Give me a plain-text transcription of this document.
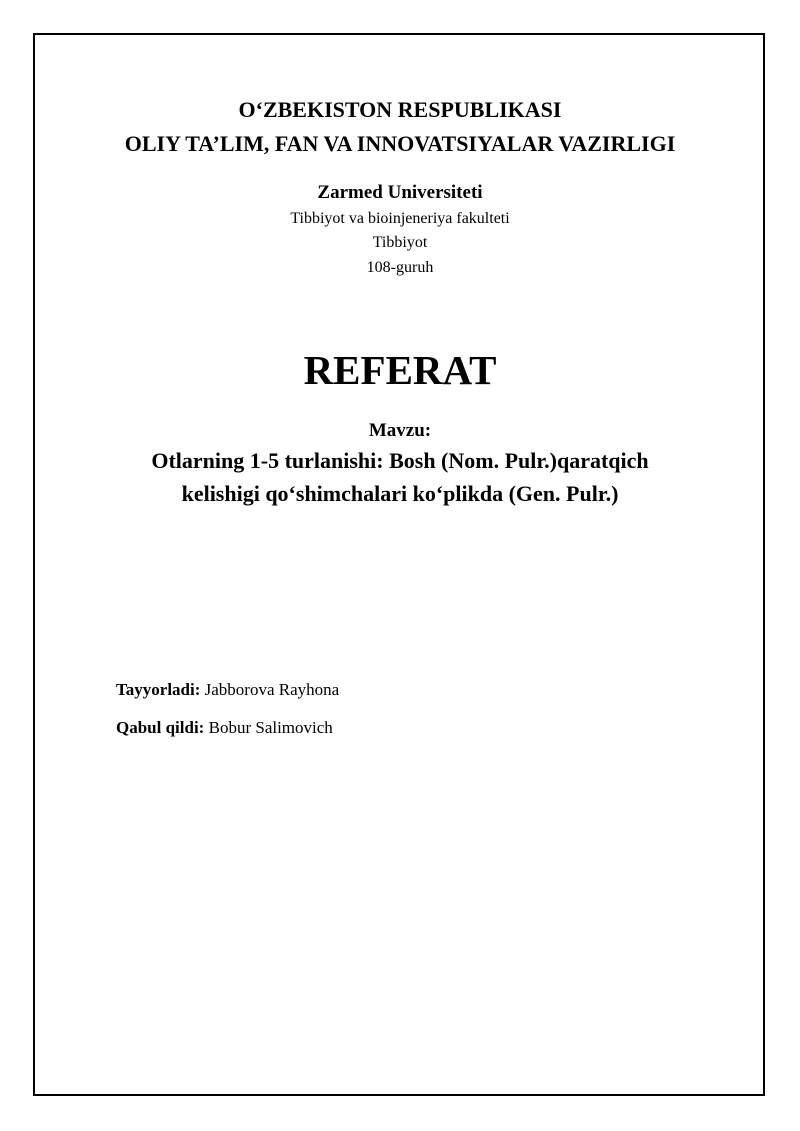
O‘ZBEKISTON RESPUBLIKASI
OLIY TA’LIM, FAN VA INNOVATSIYALAR VAZIRLIGI
Zarmed Universiteti
Tibbiyot va bioinjeneriya fakulteti
Tibbiyot
108-guruh
REFERAT
Mavzu:
Otlarning 1-5 turlanishi: Bosh (Nom. Pulr.)qaratqich
kelishigi qo‘shimchalari ko‘plikda (Gen. Pulr.)
Tayyorladi: Jabborova Rayhona
Qabul qildi: Bobur Salimovich
